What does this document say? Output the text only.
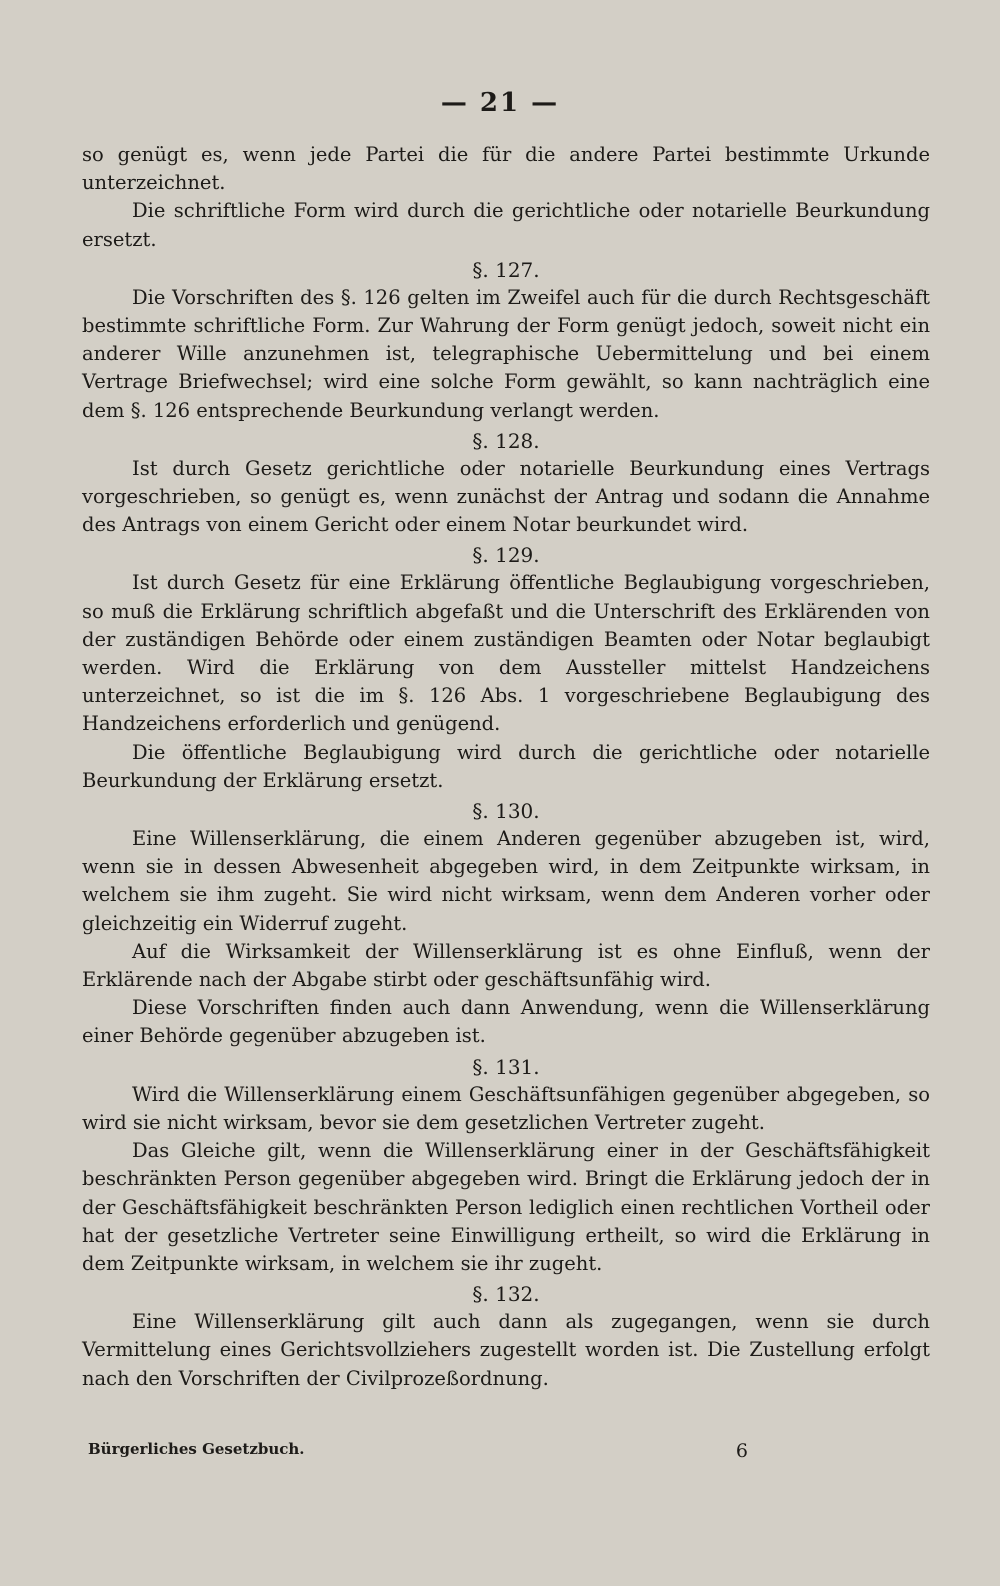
— 21 —

so genügt es, wenn jede Partei die für die andere Partei bestimmte Urkunde unterzeichnet.

Die schriftliche Form wird durch die gerichtliche oder notarielle Beurkundung ersetzt.

§. 127.

Die Vorschriften des §. 126 gelten im Zweifel auch für die durch Rechtsgeschäft bestimmte schriftliche Form. Zur Wahrung der Form genügt jedoch, soweit nicht ein anderer Wille anzunehmen ist, telegraphische Uebermittelung und bei einem Vertrage Briefwechsel; wird eine solche Form gewählt, so kann nachträglich eine dem §. 126 entsprechende Beurkundung verlangt werden.

§. 128.

Ist durch Gesetz gerichtliche oder notarielle Beurkundung eines Vertrags vorgeschrieben, so genügt es, wenn zunächst der Antrag und sodann die Annahme des Antrags von einem Gericht oder einem Notar beurkundet wird.

§. 129.

Ist durch Gesetz für eine Erklärung öffentliche Beglaubigung vorgeschrieben, so muß die Erklärung schriftlich abgefaßt und die Unterschrift des Erklärenden von der zuständigen Behörde oder einem zuständigen Beamten oder Notar beglaubigt werden. Wird die Erklärung von dem Aussteller mittelst Handzeichens unterzeichnet, so ist die im §. 126 Abs. 1 vorgeschriebene Beglaubigung des Handzeichens erforderlich und genügend.

Die öffentliche Beglaubigung wird durch die gerichtliche oder notarielle Beurkundung der Erklärung ersetzt.

§. 130.

Eine Willenserklärung, die einem Anderen gegenüber abzugeben ist, wird, wenn sie in dessen Abwesenheit abgegeben wird, in dem Zeitpunkte wirksam, in welchem sie ihm zugeht. Sie wird nicht wirksam, wenn dem Anderen vorher oder gleichzeitig ein Widerruf zugeht.

Auf die Wirksamkeit der Willenserklärung ist es ohne Einfluß, wenn der Erklärende nach der Abgabe stirbt oder geschäftsunfähig wird.

Diese Vorschriften finden auch dann Anwendung, wenn die Willenserklärung einer Behörde gegenüber abzugeben ist.

§. 131.

Wird die Willenserklärung einem Geschäftsunfähigen gegenüber abgegeben, so wird sie nicht wirksam, bevor sie dem gesetzlichen Vertreter zugeht.

Das Gleiche gilt, wenn die Willenserklärung einer in der Geschäftsfähigkeit beschränkten Person gegenüber abgegeben wird. Bringt die Erklärung jedoch der in der Geschäftsfähigkeit beschränkten Person lediglich einen rechtlichen Vortheil oder hat der gesetzliche Vertreter seine Einwilligung ertheilt, so wird die Erklärung in dem Zeitpunkte wirksam, in welchem sie ihr zugeht.

§. 132.

Eine Willenserklärung gilt auch dann als zugegangen, wenn sie durch Vermittelung eines Gerichtsvollziehers zugestellt worden ist. Die Zustellung erfolgt nach den Vorschriften der Civilprozeßordnung.

Bürgerliches Gesetzbuch.	6
